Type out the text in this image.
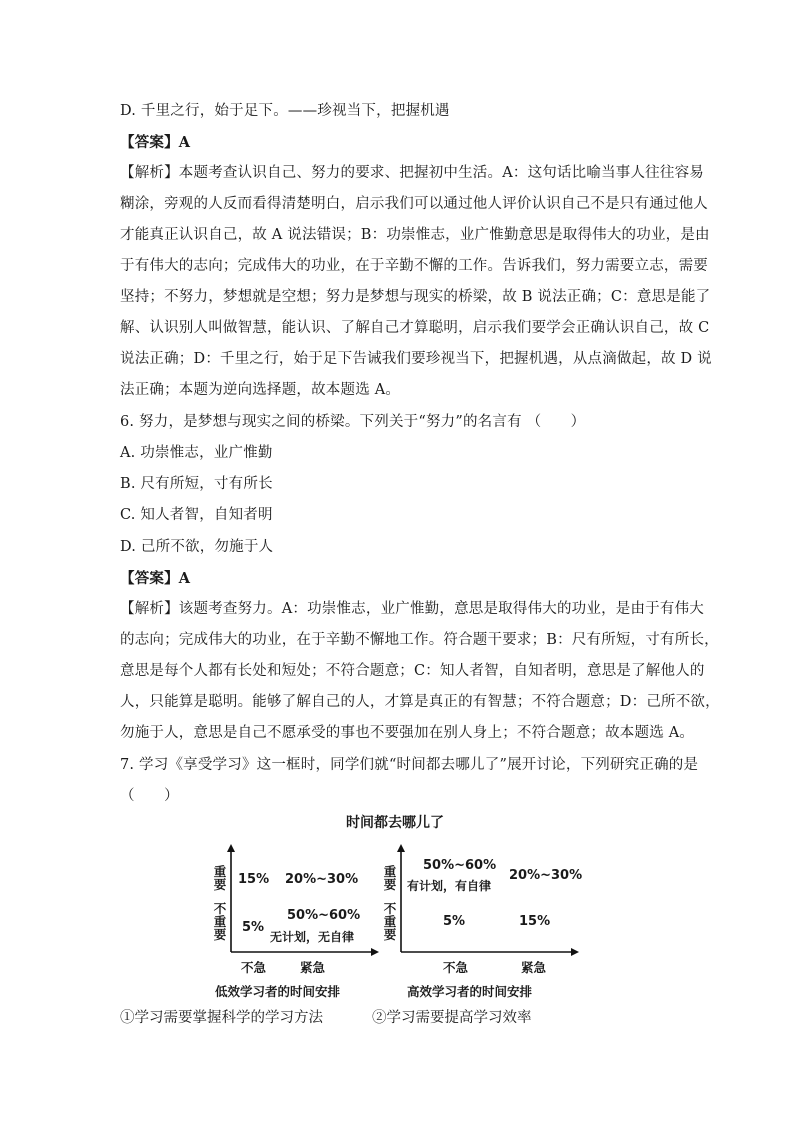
D. 千里之行，始于足下。——珍视当下，把握机遇
【答案】A
【解析】本题考查认识自己、努力的要求、把握初中生活。A：这句话比喻当事人往往容易
糊涂，旁观的人反而看得清楚明白，启示我们可以通过他人评价认识自己不是只有通过他人
才能真正认识自己，故 A 说法错误；B：功崇惟志，业广惟勤意思是取得伟大的功业，是由
于有伟大的志向；完成伟大的功业，在于辛勤不懈的工作。告诉我们，努力需要立志，需要
坚持；不努力，梦想就是空想；努力是梦想与现实的桥梁，故 B 说法正确；C：意思是能了
解、认识别人叫做智慧，能认识、了解自己才算聪明，启示我们要学会正确认识自己，故 C
说法正确；D：千里之行，始于足下告诫我们要珍视当下，把握机遇，从点滴做起，故 D 说
法正确；本题为逆向选择题，故本题选 A。
6. 努力，是梦想与现实之间的桥梁。下列关于“努力”的名言有 （　　）
A. 功崇惟志，业广惟勤
B. 尺有所短，寸有所长
C. 知人者智，自知者明
D. 己所不欲，勿施于人
【答案】A
【解析】该题考查努力。A：功崇惟志，业广惟勤，意思是取得伟大的功业，是由于有伟大
的志向；完成伟大的功业，在于辛勤不懈地工作。符合题干要求；B：尺有所短，寸有所长，
意思是每个人都有长处和短处；不符合题意；C：知人者智，自知者明，意思是了解他人的
人，只能算是聪明。能够了解自己的人，才算是真正的有智慧；不符合题意；D：己所不欲，
勿施于人，意思是自己不愿承受的事也不要强加在别人身上；不符合题意；故本题选 A。
7. 学习《享受学习》这一框时，同学们就“时间都去哪儿了”展开讨论，下列研究正确的是
（　　）
时间都去哪儿了
重
要
不
重
要
15% 20%~30%
5%
50%~60%
无计划，无自律
不急	紧急
低效学习者的时间安排
重
要
不
重
要
50%~60%
有计划，有自律
20%~30%
5%	15%
不急	紧急
高效学习者的时间安排
①学习需要掌握科学的学习方法	②学习需要提高学习效率
